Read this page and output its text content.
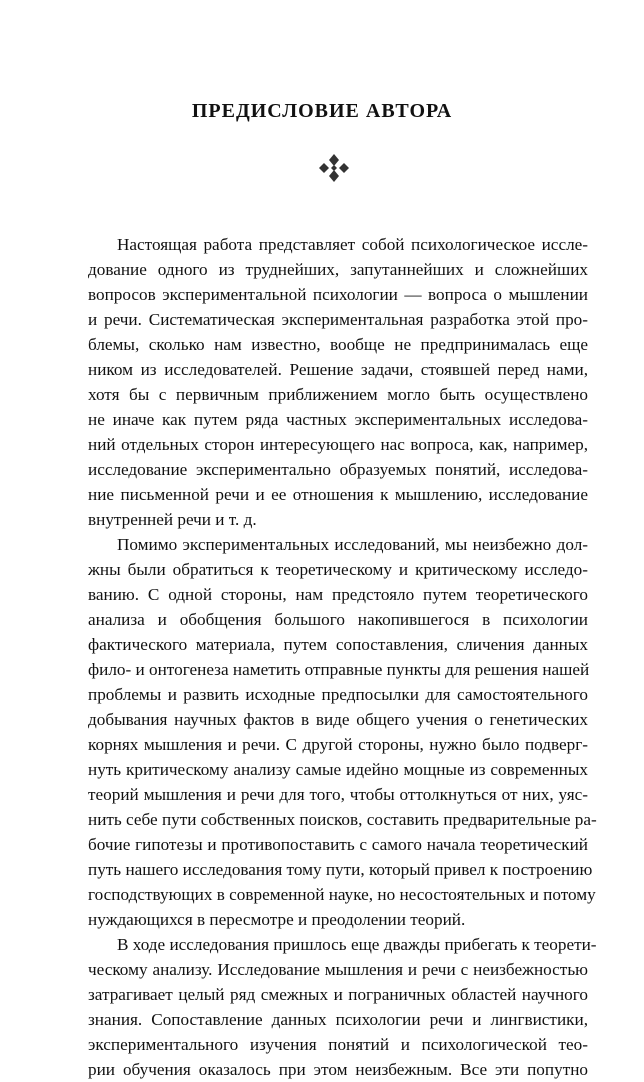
ПРЕДИСЛОВИЕ АВТОРА
Настоящая работа представляет собой психологическое иссле-
дование одного из труднейших, запутаннейших и сложнейших
вопросов экспериментальной психологии — вопроса о мышлении
и речи. Систематическая экспериментальная разработка этой про-
блемы, сколько нам известно, вообще не предпринималась еще
ником из исследователей. Решение задачи, стоявшей перед нами,
хотя бы с первичным приближением могло быть осуществлено
не иначе как путем ряда частных экспериментальных исследова-
ний отдельных сторон интересующего нас вопроса, как, например,
исследование экспериментально образуемых понятий, исследова-
ние письменной речи и ее отношения к мышлению, исследование
внутренней речи и т. д.
Помимо экспериментальных исследований, мы неизбежно дол-
жны были обратиться к теоретическому и критическому исследо-
ванию. С одной стороны, нам предстояло путем теоретического
анализа и обобщения большого накопившегося в психологии
фактического материала, путем сопоставления, сличения данных
фило- и онтогенеза наметить отправные пункты для решения нашей
проблемы и развить исходные предпосылки для самостоятельного
добывания научных фактов в виде общего учения о генетических
корнях мышления и речи. С другой стороны, нужно было подверг-
нуть критическому анализу самые идейно мощные из современных
теорий мышления и речи для того, чтобы оттолкнуться от них, уяс-
нить себе пути собственных поисков, составить предварительные ра-
бочие гипотезы и противопоставить с самого начала теоретический
путь нашего исследования тому пути, который привел к построению
господствующих в современной науке, но несостоятельных и потому
нуждающихся в пересмотре и преодолении теорий.
В ходе исследования пришлось еще дважды прибегать к теорети-
ческому анализу. Исследование мышления и речи с неизбежностью
затрагивает целый ряд смежных и пограничных областей научного
знания. Сопоставление данных психологии речи и лингвистики,
экспериментального изучения понятий и психологической тео-
рии обучения оказалось при этом неизбежным. Все эти попутно
